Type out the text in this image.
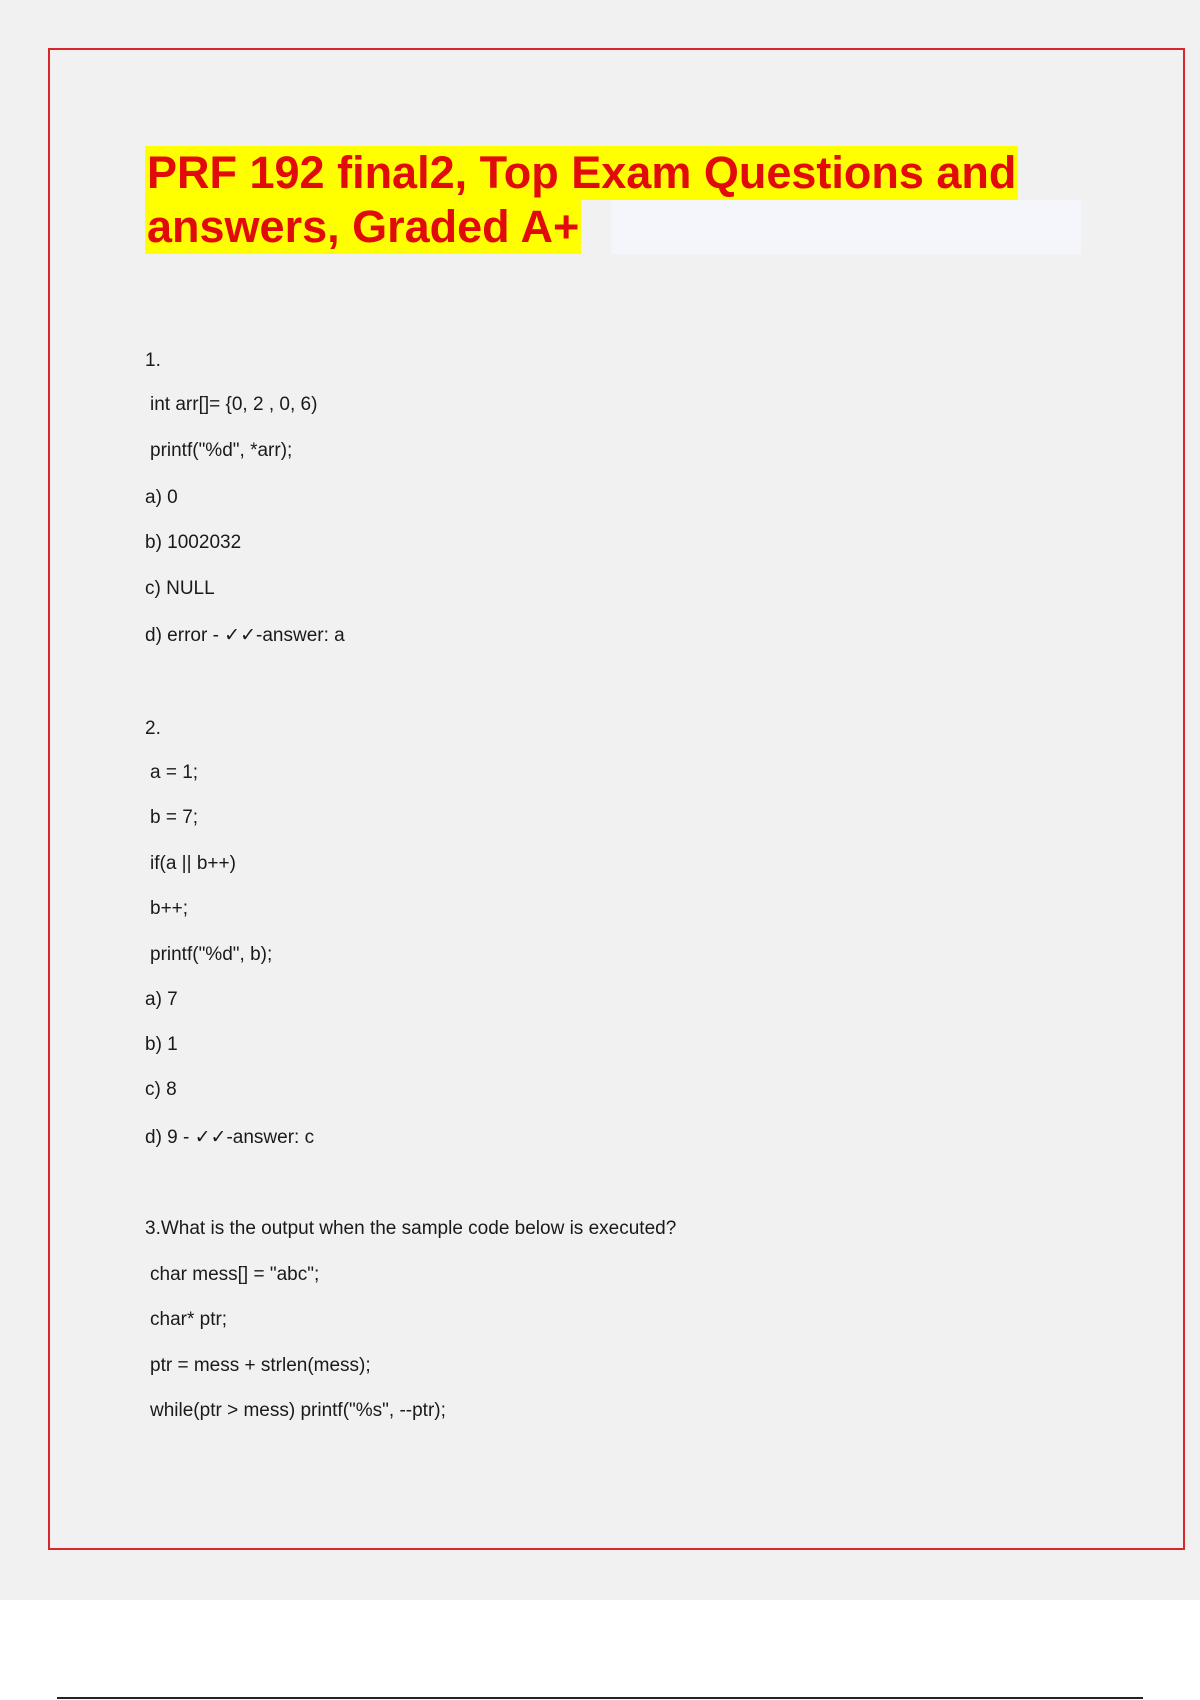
PRF 192 final2, Top Exam Questions and
answers, Graded A+
1.
int arr[]= {0, 2 , 0, 6)
printf("%d", *arr);
a) 0
b) 1002032
c) NULL
d) error - ✓✓-answer: a
2.
a = 1;
b = 7;
if(a || b++)
b++;
printf("%d", b);
a) 7
b) 1
c) 8
d) 9 - ✓✓-answer: c
3.What is the output when the sample code below is executed?
char mess[] = "abc";
char* ptr;
ptr = mess + strlen(mess);
while(ptr > mess) printf("%s", --ptr);
